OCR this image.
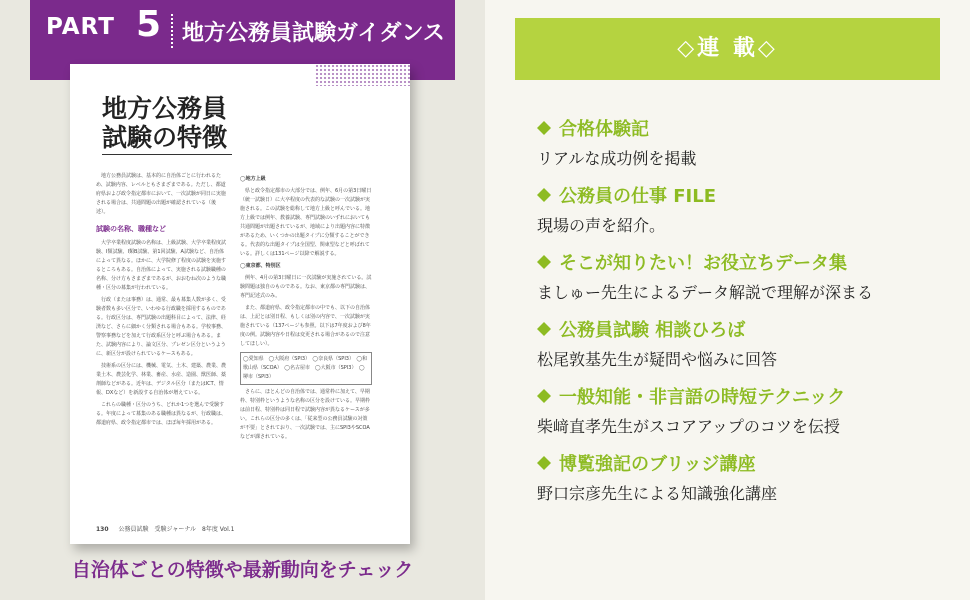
PART 5 地方公務員試験ガイダンス
地方公務員
試験の特徴

地方公務員試験は、基本的に自治体ごとに行われるため、試験内容、レベルともさまざまである。ただし、都道府県および政令指定都市において、一次試験が同日に実施される場合は、共通問題の出題が確認されている（後述）。

試験の名称、職種など

大学卒業程度試験の名称は、上級試験、大学卒業程度試験、I類試験、I類B試験、第1回試験、A試験など、自治体によって異なる。ほかに、大学院修了程度の試験を実施するところもある。自治体によって、実施される試験職種の名称、分け方もさまざまであるが、おおむね次のような職種・区分の募集が行われている。

行政（または事務）は、通常、最も募集人数が多く、受験者数も多い区分で、いわゆる行政職を採用するものである。行政区分は、専門試験の出題科目によって、法律、経済など、さらに細かく分類される場合もある。学校事務、警察事務などを加えて行政系区分と呼ぶ場合もある。また、試験内容により、論文区分、プレゼン区分というように、新区分が設けられているケースもある。

技術系の区分には、機械、電気、土木、建築、農業、農業土木、農芸化学、林業、畜産、水産、造園、獣医師、薬剤師などがある。近年は、デジタル区分（またはICT、情報、DXなど）を新設する自治体が増えている。

これらの職種・区分のうち、どれか1つを選んで受験する。年度によって募集のある職種は異なるが、行政職は、都道府県、政令指定都市では、ほぼ毎年採用がある。

◯地方上級

県と政令指定都市の大部分では、例年、6月の第3日曜日（統一試験日）に大卒程度の代表的な試験の一次試験が実施される。この試験を総称して地方上級と呼んでいる。地方上級では例年、教養試験、専門試験のいずれにおいても共通問題が出題されているが、地域により出題内容に特徴があるため、いくつかの出題タイプに分類することができる。代表的な出題タイプは全国型、関東型などと呼ばれている。詳しくは131ページ以降で解説する。

◯東京都、特別区

例年、4月の第3日曜日に一次試験が実施されている。試験問題は独自のものである。なお、東京都の専門試験は、専門記述式のみ。

また、都道府県、政令指定都市の中でも、以下の自治体は、上記とは別日程、もしくは別の内容で、一次試験が実施されている（137ページも参照。以下は7年度および8年度の例。試験内容や日程は変更される場合があるので注意してほしい）。

◯愛知県　◯大阪府（SPI3）　◯奈良県（SPI3）　◯和歌山県（SCOA）　◯名古屋市　◯大阪市（SPI3）　◯堺市（SPI3）

さらに、ほとんどの自治体では、通常枠に加えて、早期枠、特別枠というような名称の区分を設けている。早期枠は前日程、特別枠は同日程で試験内容が異なるケースが多い。これらの区分の多くは、「従来型の公務員試験の対策が不要」とされており、一次試験では、主にSPI3やSCOAなどが課されている。

130 公務員試験　受験ジャーナル　8年度 Vol.1
自治体ごとの特徴や最新動向をチェック
◇連 載◇
合格体験記
リアルな成功例を掲載
公務員の仕事 FILE
現場の声を紹介。
そこが知りたい！お役立ちデータ集
ましゅー先生によるデータ解説で理解が深まる
公務員試験 相談ひろば
松尾敦基先生が疑問や悩みに回答
一般知能・非言語の時短テクニック
柴﨑直孝先生がスコアアップのコツを伝授
博覧強記のブリッジ講座
野口宗彦先生による知識強化講座
